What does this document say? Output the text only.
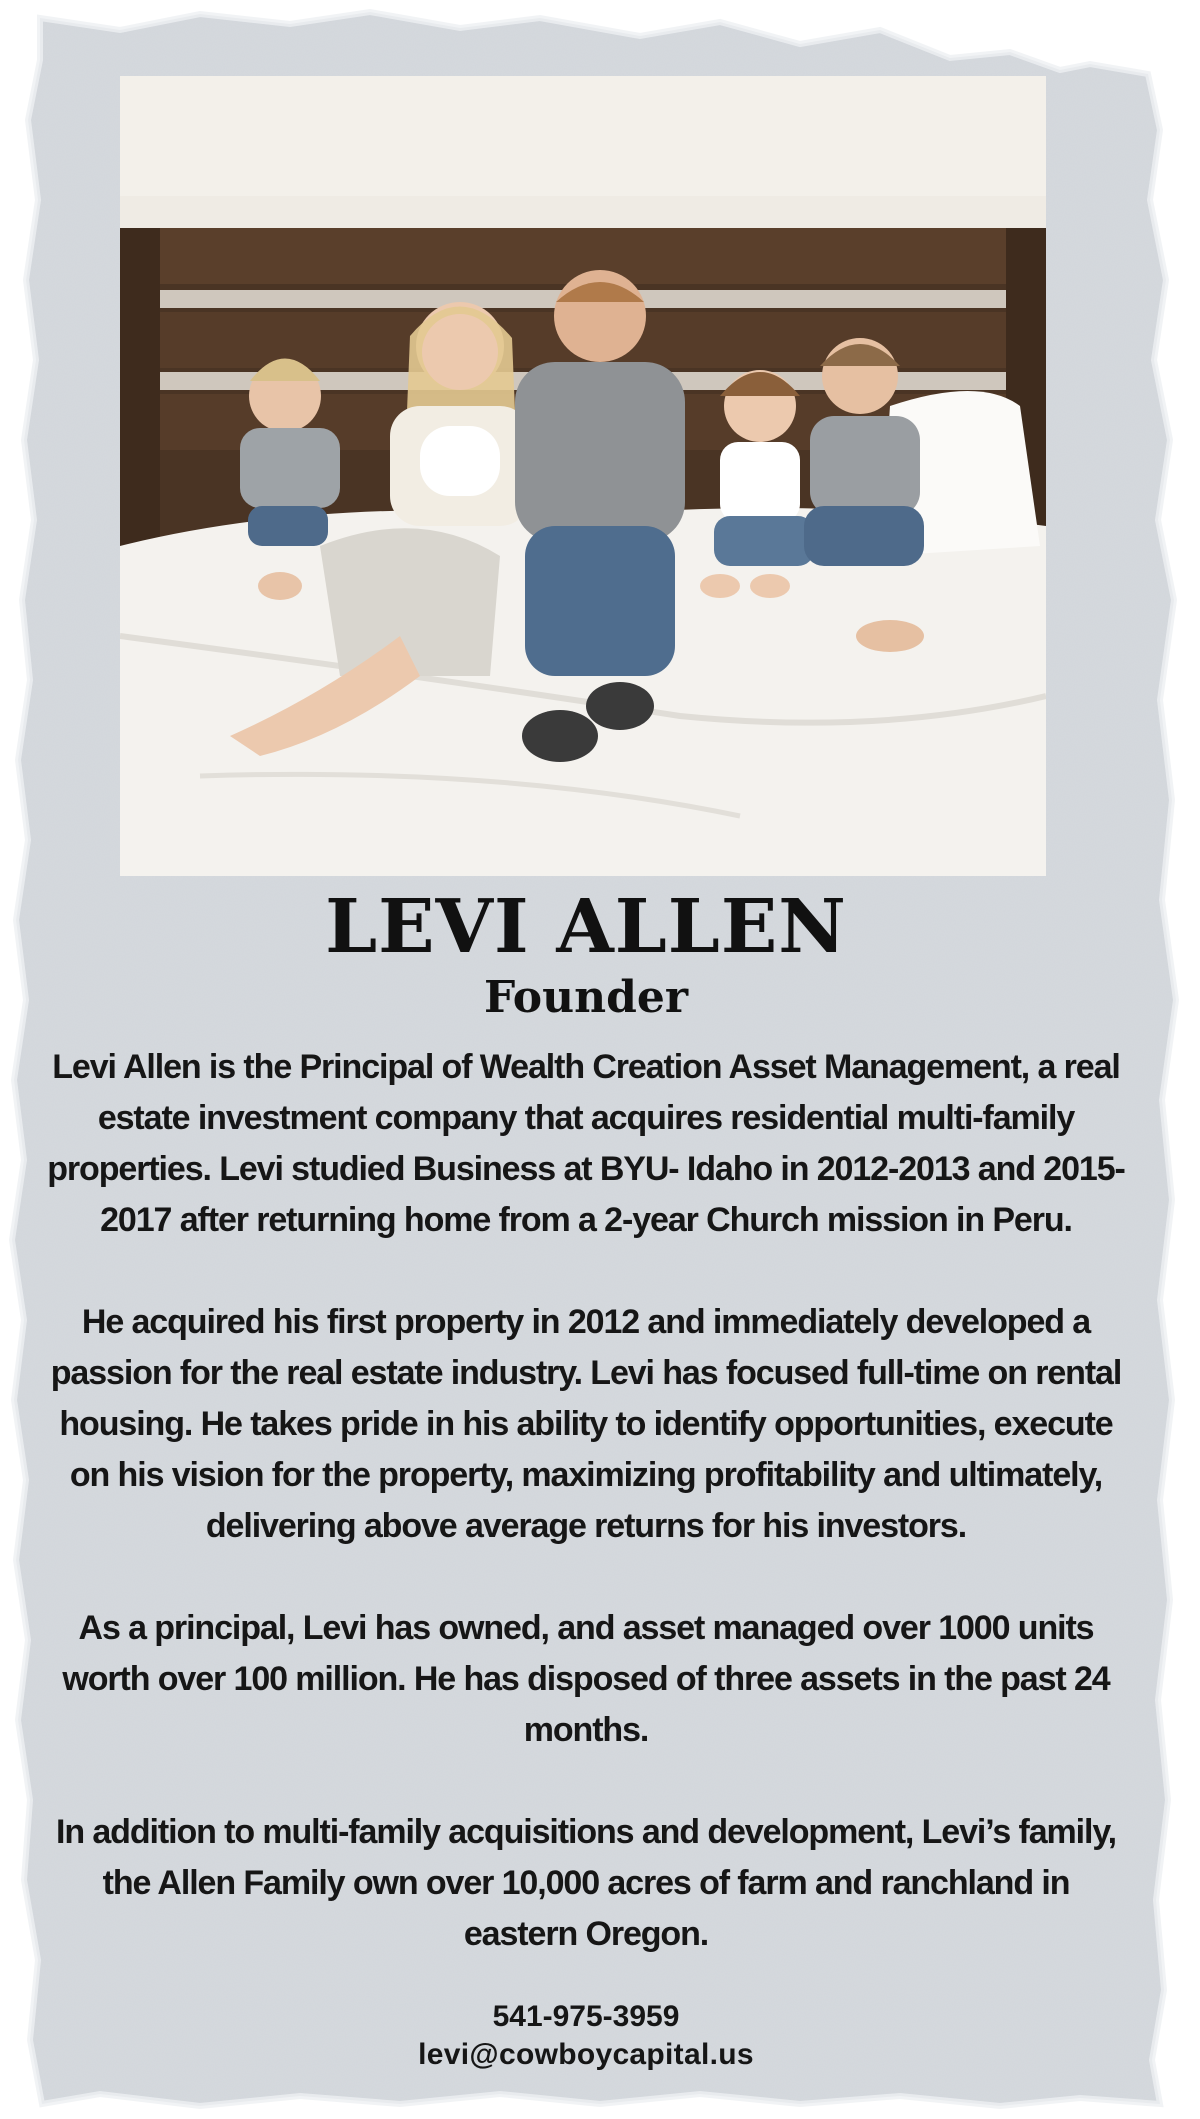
LEVI ALLEN
Founder

Levi Allen is the Principal of Wealth Creation Asset Management, a real estate investment company that acquires residential multi-family properties. Levi studied Business at BYU- Idaho in 2012-2013 and 2015-2017 after returning home from a 2-year Church mission in Peru.

He acquired his first property in 2012 and immediately developed a passion for the real estate industry. Levi has focused full-time on rental housing. He takes pride in his ability to identify opportunities, execute on his vision for the property, maximizing profitability and ultimately, delivering above average returns for his investors.

As a principal, Levi has owned, and asset managed over 1000 units worth over 100 million. He has disposed of three assets in the past 24 months.

In addition to multi-family acquisitions and development, Levi’s family, the Allen Family own over 10,000 acres of farm and ranchland in eastern Oregon.

541-975-3959
levi@cowboycapital.us
